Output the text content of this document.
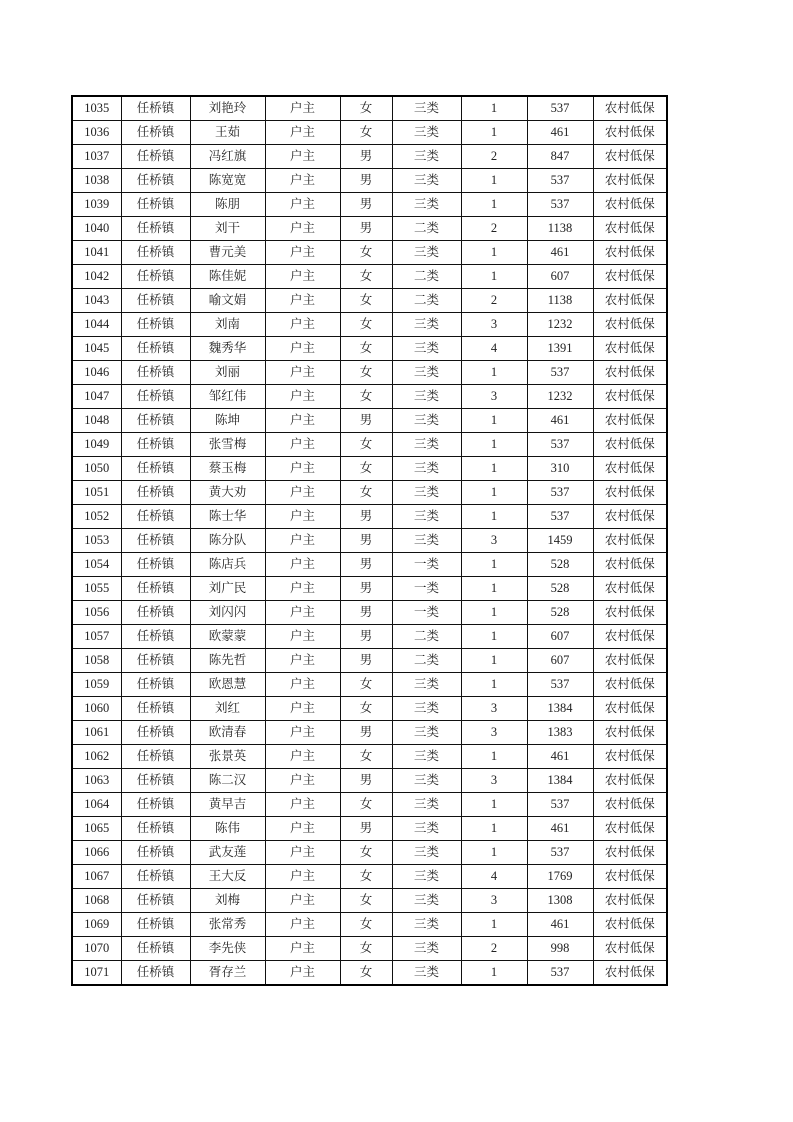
1035	任桥镇	刘艳玲	户主	女	三类	1	537	农村低保
1036	任桥镇	王茹	户主	女	三类	1	461	农村低保
1037	任桥镇	冯红旗	户主	男	三类	2	847	农村低保
1038	任桥镇	陈宽宽	户主	男	三类	1	537	农村低保
1039	任桥镇	陈朋	户主	男	三类	1	537	农村低保
1040	任桥镇	刘干	户主	男	二类	2	1138	农村低保
1041	任桥镇	曹元美	户主	女	三类	1	461	农村低保
1042	任桥镇	陈佳妮	户主	女	二类	1	607	农村低保
1043	任桥镇	喻文娟	户主	女	二类	2	1138	农村低保
1044	任桥镇	刘南	户主	女	三类	3	1232	农村低保
1045	任桥镇	魏秀华	户主	女	三类	4	1391	农村低保
1046	任桥镇	刘丽	户主	女	三类	1	537	农村低保
1047	任桥镇	邹红伟	户主	女	三类	3	1232	农村低保
1048	任桥镇	陈坤	户主	男	三类	1	461	农村低保
1049	任桥镇	张雪梅	户主	女	三类	1	537	农村低保
1050	任桥镇	蔡玉梅	户主	女	三类	1	310	农村低保
1051	任桥镇	黄大劝	户主	女	三类	1	537	农村低保
1052	任桥镇	陈士华	户主	男	三类	1	537	农村低保
1053	任桥镇	陈分队	户主	男	三类	3	1459	农村低保
1054	任桥镇	陈店兵	户主	男	一类	1	528	农村低保
1055	任桥镇	刘广民	户主	男	一类	1	528	农村低保
1056	任桥镇	刘闪闪	户主	男	一类	1	528	农村低保
1057	任桥镇	欧蒙蒙	户主	男	二类	1	607	农村低保
1058	任桥镇	陈先哲	户主	男	二类	1	607	农村低保
1059	任桥镇	欧恩慧	户主	女	三类	1	537	农村低保
1060	任桥镇	刘红	户主	女	三类	3	1384	农村低保
1061	任桥镇	欧清春	户主	男	三类	3	1383	农村低保
1062	任桥镇	张景英	户主	女	三类	1	461	农村低保
1063	任桥镇	陈二汉	户主	男	三类	3	1384	农村低保
1064	任桥镇	黄早吉	户主	女	三类	1	537	农村低保
1065	任桥镇	陈伟	户主	男	三类	1	461	农村低保
1066	任桥镇	武友莲	户主	女	三类	1	537	农村低保
1067	任桥镇	王大反	户主	女	三类	4	1769	农村低保
1068	任桥镇	刘梅	户主	女	三类	3	1308	农村低保
1069	任桥镇	张常秀	户主	女	三类	1	461	农村低保
1070	任桥镇	李先侠	户主	女	三类	2	998	农村低保
1071	任桥镇	胥存兰	户主	女	三类	1	537	农村低保
